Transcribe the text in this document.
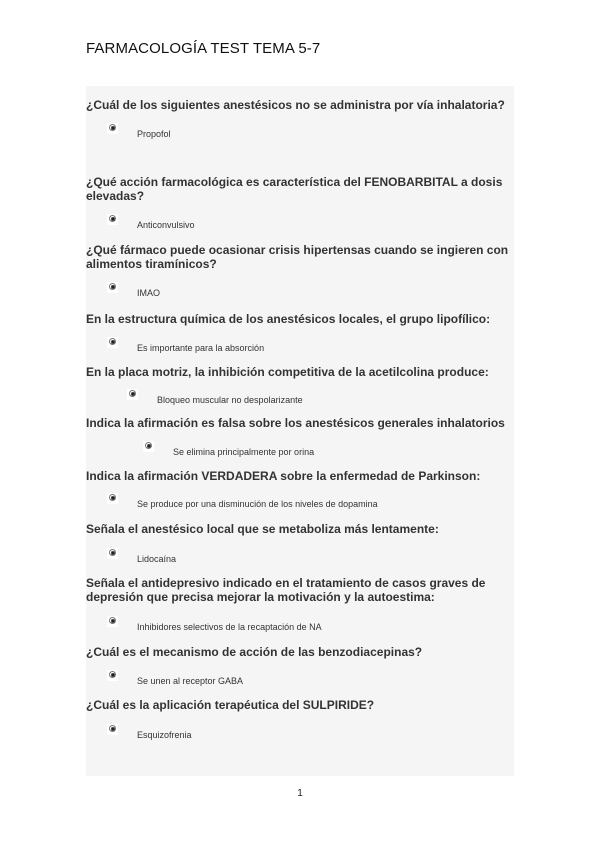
FARMACOLOGÍA TEST TEMA 5-7
¿Cuál de los siguientes anestésicos no se administra por vía inhalatoria?
Propofol
¿Qué acción farmacológica es característica del FENOBARBITAL a dosis elevadas?
Anticonvulsivo
¿Qué fármaco puede ocasionar crisis hipertensas cuando se ingieren con alimentos tiramínicos?
IMAO
En la estructura química de los anestésicos locales, el grupo lipofílico:
Es importante para la absorción
En la placa motriz, la inhibición competitiva de la acetilcolina produce:
Bloqueo muscular no despolarizante
Indica la afirmación es falsa sobre los anestésicos generales inhalatorios
Se elimina principalmente por orina
Indica la afirmación VERDADERA sobre la enfermedad de Parkinson:
Se produce por una disminución de los niveles de dopamina
Señala el anestésico local que se metaboliza más lentamente:
Lidocaína
Señala el antidepresivo indicado en el tratamiento de casos graves de depresión que precisa mejorar la motivación y la autoestima:
Inhibidores selectivos de la recaptación de NA
¿Cuál es el mecanismo de acción de las benzodiacepinas?
Se unen al receptor GABA
¿Cuál es la aplicación terapéutica del SULPIRIDE?
Esquizofrenia
1
